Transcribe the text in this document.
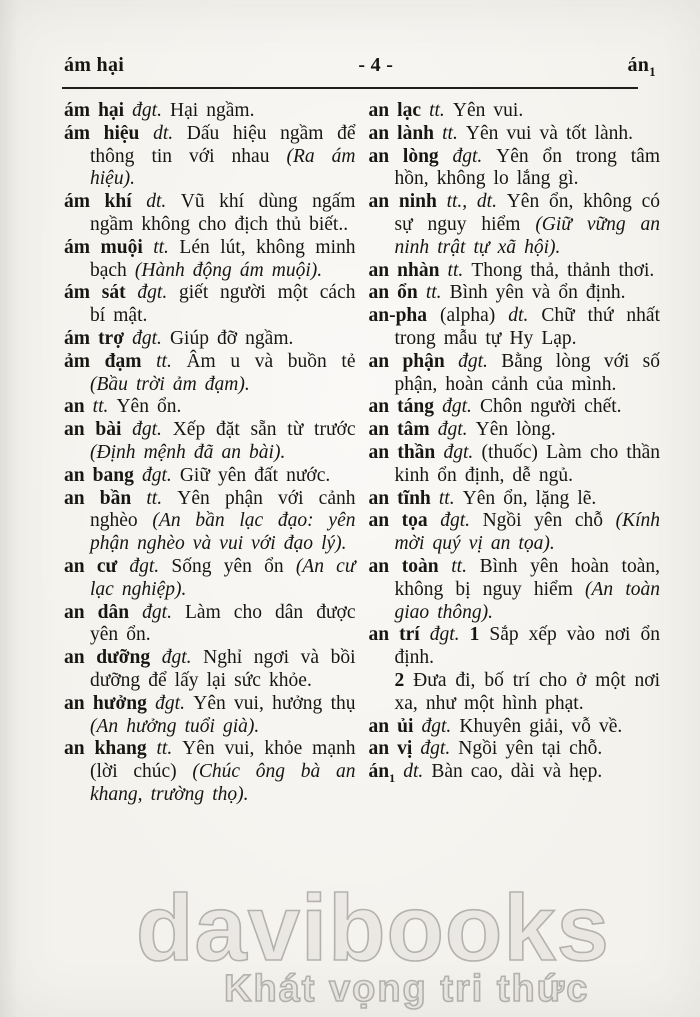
ám hại	- 4 -	$án_1$
ám hại đgt. Hại ngầm.
ám hiệu dt. Dấu hiệu ngầm để thông tin với nhau (Ra ám hiệu).
ám khí dt. Vũ khí dùng ngấm ngầm không cho địch thủ biết..
ám muội tt. Lén lút, không minh bạch (Hành động ám muội).
ám sát đgt. giết người một cách bí mật.
ám trợ đgt. Giúp đỡ ngầm.
ảm đạm tt. Âm u và buồn tẻ (Bầu trời ảm đạm).
an tt. Yên ổn.
an bài đgt. Xếp đặt sẵn từ trước (Định mệnh đã an bài).
an bang đgt. Giữ yên đất nước.
an bần tt. Yên phận với cảnh nghèo (An bần lạc đạo: yên phận nghèo và vui với đạo lý).
an cư đgt. Sống yên ổn (An cư lạc nghiệp).
an dân đgt. Làm cho dân được yên ổn.
an dưỡng đgt. Nghỉ ngơi và bồi dưỡng để lấy lại sức khỏe.
an hưởng đgt. Yên vui, hưởng thụ (An hưởng tuổi già).
an khang tt. Yên vui, khỏe mạnh (lời chúc) (Chúc ông bà an khang, trường thọ).
an lạc tt. Yên vui.
an lành tt. Yên vui và tốt lành.
an lòng đgt. Yên ổn trong tâm hồn, không lo lắng gì.
an ninh tt., dt. Yên ổn, không có sự nguy hiểm (Giữ vững an ninh trật tự xã hội).
an nhàn tt. Thong thả, thảnh thơi.
an ổn tt. Bình yên và ổn định.
an-pha (alpha) dt. Chữ thứ nhất trong mẫu tự Hy Lạp.
an phận đgt. Bằng lòng với số phận, hoàn cảnh của mình.
an táng đgt. Chôn người chết.
an tâm đgt. Yên lòng.
an thần đgt. (thuốc) Làm cho thần kinh ổn định, dễ ngủ.
an tĩnh tt. Yên ổn, lặng lẽ.
an tọa đgt. Ngồi yên chỗ (Kính mời quý vị an tọa).
an toàn tt. Bình yên hoàn toàn, không bị nguy hiểm (An toàn giao thông).
an trí đgt. 1 Sắp xếp vào nơi ổn định.
2 Đưa đi, bố trí cho ở một nơi xa, như một hình phạt.
an ủi đgt. Khuyên giải, vỗ về.
an vị đgt. Ngồi yên tại chỗ.
$án_1$ dt. Bàn cao, dài và hẹp.
davibooks
Khát vọng tri thức
